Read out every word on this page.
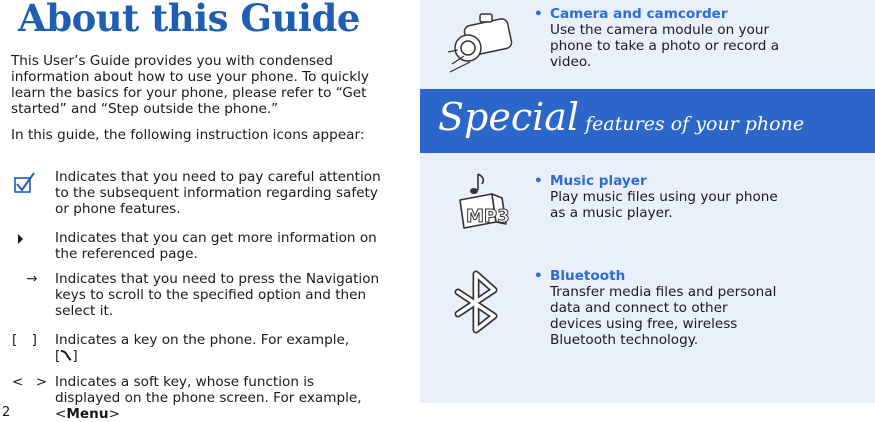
About this Guide
This User’s Guide provides you with condensed information about how to use your phone. To quickly learn the basics for your phone, please refer to “Get started” and “Step outside the phone.”
In this guide, the following instruction icons appear:
Indicates that you need to pay careful attention to the subsequent information regarding safety or phone features.
Indicates that you can get more information on the referenced page.
→ Indicates that you need to press the Navigation keys to scroll to the specified option and then select it.
[ ] Indicates a key on the phone. For example,
[ ]
< > Indicates a soft key, whose function is displayed on the phone screen. For example, <Menu>
2
• Camera and camcorder
Use the camera module on your phone to take a photo or record a video.
Special features of your phone
MP3
• Music player
Play music files using your phone as a music player.
• Bluetooth
Transfer media files and personal data and connect to other devices using free, wireless Bluetooth technology.
